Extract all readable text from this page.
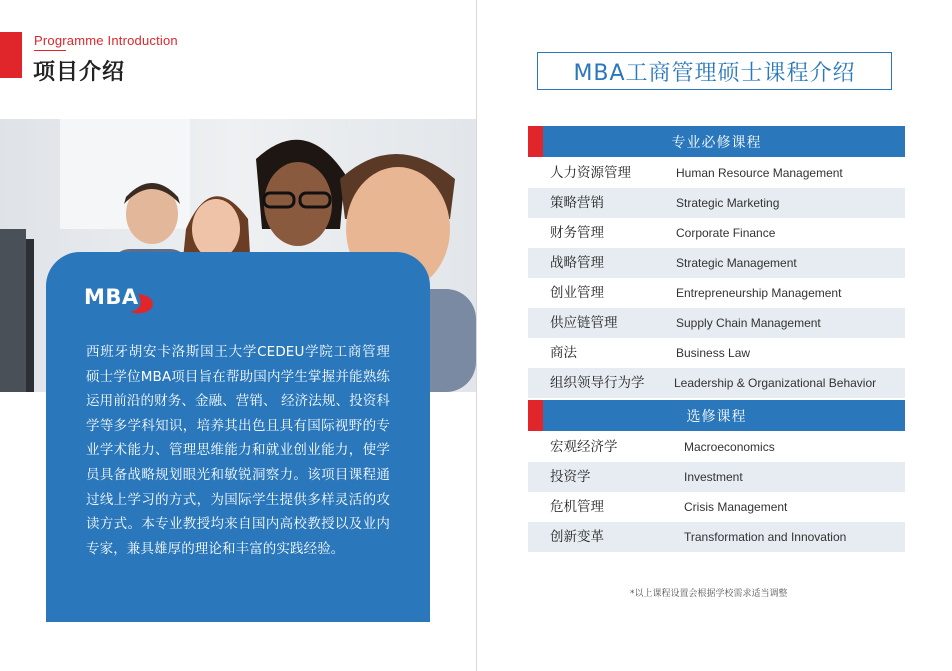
Programme Introduction
项目介绍
MBA
西班牙胡安卡洛斯国王大学CEDEU学院工商管理硕士学位MBA项目旨在帮助国内学生掌握并能熟练运用前沿的财务、金融、营销、 经济法规、投资科学等多学科知识，培养其出色且具有国际视野的专业学术能力、管理思维能力和就业创业能力，使学员具备战略规划眼光和敏锐洞察力。该项目课程通过线上学习的方式，为国际学生提供多样灵活的攻读方式。本专业教授均来自国内高校教授以及业内专家，兼具雄厚的理论和丰富的实践经验。
MBA工商管理硕士课程介绍
专业必修课程
人力资源管理	Human Resource Management
策略营销	Strategic Marketing
财务管理	Corporate Finance
战略管理	Strategic Management
创业管理	Entrepreneurship Management
供应链管理	Supply Chain Management
商法	Business Law
组织领导行为学 Leadership & Organizational Behavior
选修课程
宏观经济学	Macroeconomics
投资学	Investment
危机管理	Crisis Management
创新变革	Transformation and Innovation
*以上课程设置会根据学校需求适当调整
